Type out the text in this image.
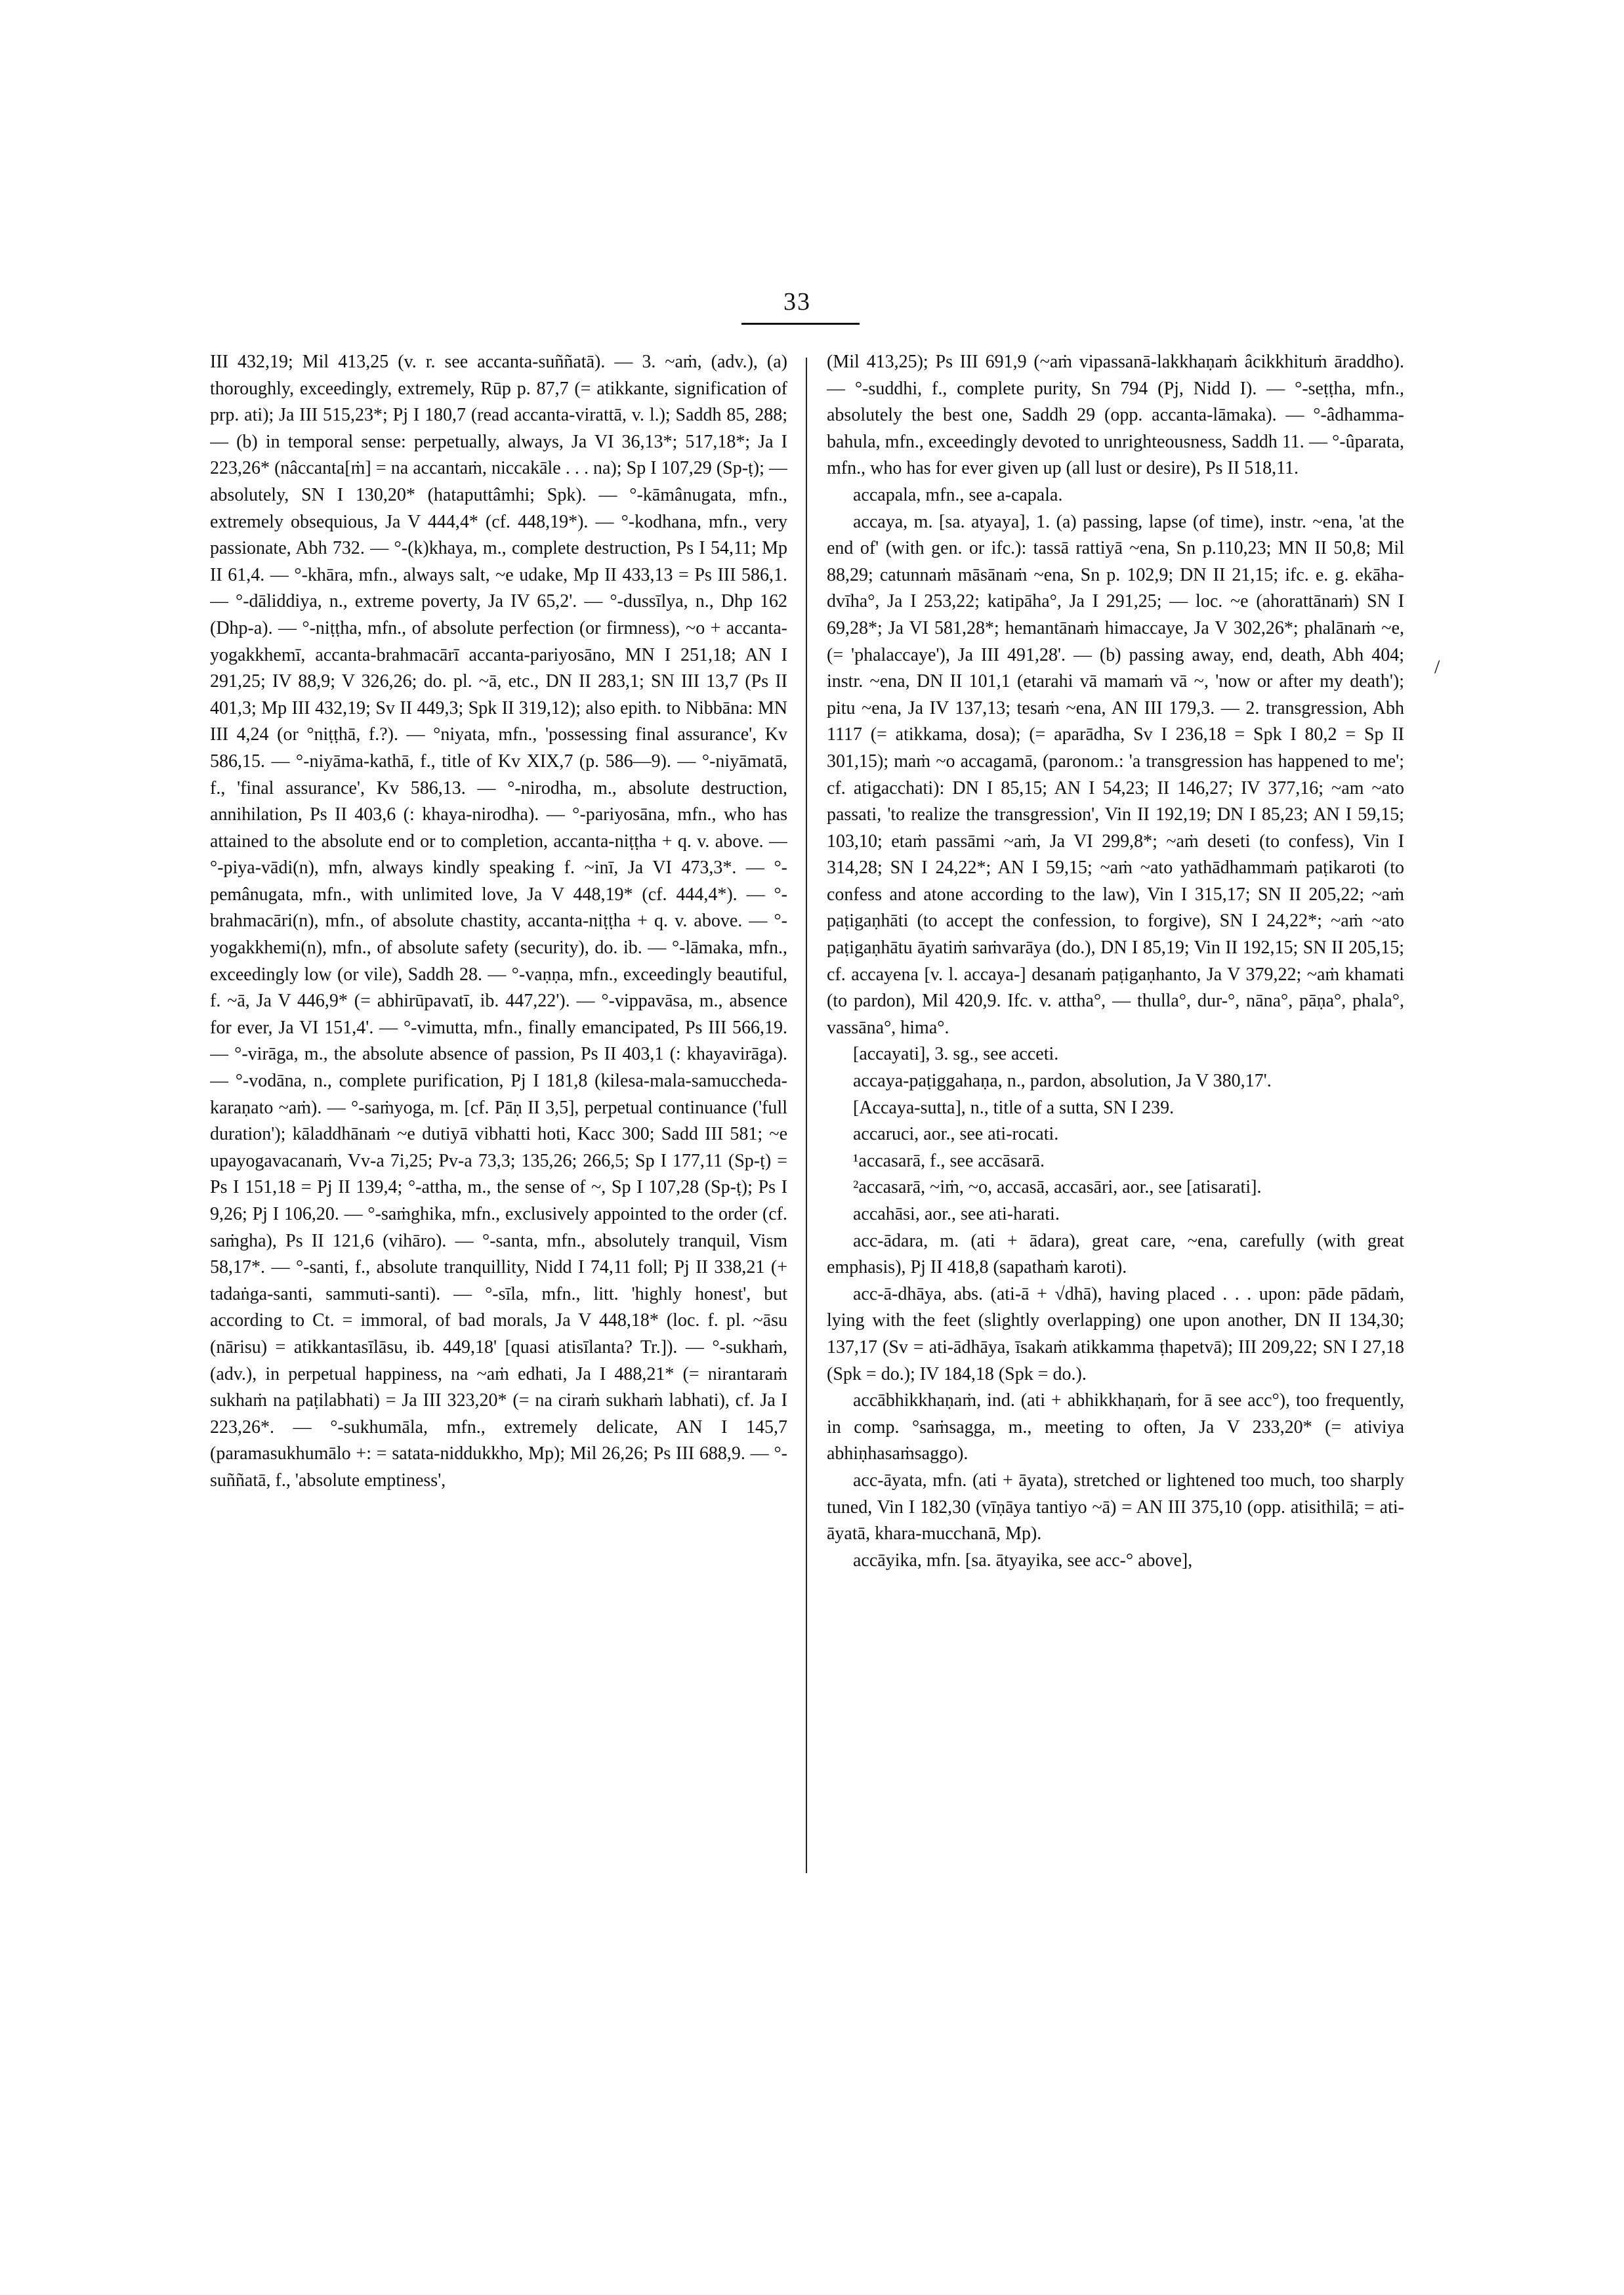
33

III 432,19; Mil 413,25 (v. r. see accanta-suññatā). — 3. ~aṁ, (adv.), (a) thoroughly, exceedingly, extremely, Rūp p. 87,7 (= atikkante, signification of prp. ati); Ja III 515,23*; Pj I 180,7 (read accanta-virattā, v. l.); Saddh 85, 288; — (b) in temporal sense: perpetually, always, Ja VI 36,13*; 517,18*; Ja I 223,26* (nâccanta[ṁ] = na accantaṁ, niccakāle . . . na); Sp I 107,29 (Sp-ṭ); — absolutely, SN I 130,20* (hataputtâmhi; Spk). — °-kāmânugata, mfn., extremely obsequious, Ja V 444,4* (cf. 448,19*). — °-kodhana, mfn., very passionate, Abh 732. — °-(k)khaya, m., complete destruction, Ps I 54,11; Mp II 61,4. — °-khāra, mfn., always salt, ~e udake, Mp II 433,13 = Ps III 586,1. — °-dāliddiya, n., extreme poverty, Ja IV 65,2'. — °-dussīlya, n., Dhp 162 (Dhp-a). — °-niṭṭha, mfn., of absolute perfection (or firmness), ~o + accanta-yogakkhemī, accanta-brahmacārī accanta-pariyosāno, MN I 251,18; AN I 291,25; IV 88,9; V 326,26; do. pl. ~ā, etc., DN II 283,1; SN III 13,7 (Ps II 401,3; Mp III 432,19; Sv II 449,3; Spk II 319,12); also epith. to Nibbāna: MN III 4,24 (or °niṭṭhā, f.?). — °niyata, mfn., 'possessing final assurance', Kv 586,15. — °-niyāma-kathā, f., title of Kv XIX,7 (p. 586—9). — °-niyāmatā, f., 'final assurance', Kv 586,13. — °-nirodha, m., absolute destruction, annihilation, Ps II 403,6 (: khaya-nirodha). — °-pariyosāna, mfn., who has attained to the absolute end or to completion, accanta-niṭṭha + q. v. above. — °-piya-vādi(n), mfn, always kindly speaking f. ~inī, Ja VI 473,3*. — °-pemânugata, mfn., with unlimited love, Ja V 448,19* (cf. 444,4*). — °-brahmacāri(n), mfn., of absolute chastity, accanta-niṭṭha + q. v. above. — °-yogakkhemi(n), mfn., of absolute safety (security), do. ib. — °-lāmaka, mfn., exceedingly low (or vile), Saddh 28. — °-vaṇṇa, mfn., exceedingly beautiful, f. ~ā, Ja V 446,9* (= abhirūpavatī, ib. 447,22'). — °-vippavāsa, m., absence for ever, Ja VI 151,4'. — °-vimutta, mfn., finally emancipated, Ps III 566,19. — °-virāga, m., the absolute absence of passion, Ps II 403,1 (: khayavirāga). — °-vodāna, n., complete purification, Pj I 181,8 (kilesa-mala-samuccheda-karaṇato ~aṁ). — °-saṁyoga, m. [cf. Pāṇ II 3,5], perpetual continuance ('full duration'); kāladdhānaṁ ~e dutiyā vibhatti hoti, Kacc 300; Sadd III 581; ~e upayogavacanaṁ, Vv-a 7i,25; Pv-a 73,3; 135,26; 266,5; Sp I 177,11 (Sp-ṭ) = Ps I 151,18 = Pj II 139,4; °-attha, m., the sense of ~, Sp I 107,28 (Sp-ṭ); Ps I 9,26; Pj I 106,20. — °-saṁghika, mfn., exclusively appointed to the order (cf. saṁgha), Ps II 121,6 (vihāro). — °-santa, mfn., absolutely tranquil, Vism 58,17*. — °-santi, f., absolute tranquillity, Nidd I 74,11 foll; Pj II 338,21 (+ tadaṅga-santi, sammuti-santi). — °-sīla, mfn., litt. 'highly honest', but according to Ct. = immoral, of bad morals, Ja V 448,18* (loc. f. pl. ~āsu (nārisu) = atikkantasīlāsu, ib. 449,18' [quasi atisīlanta? Tr.]). — °-sukhaṁ, (adv.), in perpetual happiness, na ~aṁ edhati, Ja I 488,21* (= nirantaraṁ sukhaṁ na paṭilabhati) = Ja III 323,20* (= na ciraṁ sukhaṁ labhati), cf. Ja I 223,26*. — °-sukhumāla, mfn., extremely delicate, AN I 145,7 (paramasukhumālo +: = satata-niddukkho, Mp); Mil 26,26; Ps III 688,9. — °-suññatā, f., 'absolute emptiness',

(Mil 413,25); Ps III 691,9 (~aṁ vipassanā-lakkhaṇaṁ âcikkhituṁ āraddho). — °-suddhi, f., complete purity, Sn 794 (Pj, Nidd I). — °-seṭṭha, mfn., absolutely the best one, Saddh 29 (opp. accanta-lāmaka). — °-âdhamma-bahula, mfn., exceedingly devoted to unrighteousness, Saddh 11. — °-ûparata, mfn., who has for ever given up (all lust or desire), Ps II 518,11.

accapala, mfn., see a-capala.

accaya, m. [sa. atyaya], 1. (a) passing, lapse (of time), instr. ~ena, 'at the end of' (with gen. or ifc.): tassā rattiyā ~ena, Sn p.110,23; MN II 50,8; Mil 88,29; catunnaṁ māsānaṁ ~ena, Sn p. 102,9; DN II 21,15; ifc. e. g. ekāha-dvīha°, Ja I 253,22; katipāha°, Ja I 291,25; — loc. ~e (ahorattānaṁ) SN I 69,28*; Ja VI 581,28*; hemantānaṁ himaccaye, Ja V 302,26*; phalānaṁ ~e, (= 'phalaccaye'), Ja III 491,28'. — (b) passing away, end, death, Abh 404; instr. ~ena, DN II 101,1 (etarahi vā mamaṁ vā ~, 'now or after my death'); pitu ~ena, Ja IV 137,13; tesaṁ ~ena, AN III 179,3. — 2. transgression, Abh 1117 (= atikkama, dosa); (= aparādha, Sv I 236,18 = Spk I 80,2 = Sp II 301,15); maṁ ~o accagamā, (paronom.: 'a transgression has happened to me'; cf. atigacchati): DN I 85,15; AN I 54,23; II 146,27; IV 377,16; ~am ~ato passati, 'to realize the transgression', Vin II 192,19; DN I 85,23; AN I 59,15; 103,10; etaṁ passāmi ~aṁ, Ja VI 299,8*; ~aṁ deseti (to confess), Vin I 314,28; SN I 24,22*; AN I 59,15; ~aṁ ~ato yathādhammaṁ paṭikaroti (to confess and atone according to the law), Vin I 315,17; SN II 205,22; ~aṁ paṭigaṇhāti (to accept the confession, to forgive), SN I 24,22*; ~aṁ ~ato paṭigaṇhātu āyatiṁ saṁvarāya (do.), DN I 85,19; Vin II 192,15; SN II 205,15; cf. accayena [v. l. accaya-] desanaṁ paṭigaṇhanto, Ja V 379,22; ~aṁ khamati (to pardon), Mil 420,9. Ifc. v. attha°, — thulla°, dur-°, nāna°, pāṇa°, phala°, vassāna°, hima°.

[accayati], 3. sg., see acceti.

accaya-paṭiggahaṇa, n., pardon, absolution, Ja V 380,17'.

[Accaya-sutta], n., title of a sutta, SN I 239.

accaruci, aor., see ati-rocati.

¹accasarā, f., see accāsarā.

²accasarā, ~iṁ, ~o, accasā, accasāri, aor., see [atisarati].

accahāsi, aor., see ati-harati.

acc-ādara, m. (ati + ādara), great care, ~ena, carefully (with great emphasis), Pj II 418,8 (sapathaṁ karoti).

acc-ā-dhāya, abs. (ati-ā + √dhā), having placed . . . upon: pāde pādaṁ, lying with the feet (slightly overlapping) one upon another, DN II 134,30; 137,17 (Sv = ati-ādhāya, īsakaṁ atikkamma ṭhapetvā); III 209,22; SN I 27,18 (Spk = do.); IV 184,18 (Spk = do.).

accābhikkhaṇaṁ, ind. (ati + abhikkhaṇaṁ, for ā see acc°), too frequently, in comp. °saṁsagga, m., meeting to often, Ja V 233,20* (= ativiya abhiṇhasaṁsaggo).

acc-āyata, mfn. (ati + āyata), stretched or lightened too much, too sharply tuned, Vin I 182,30 (vīṇāya tantiyo ~ā) = AN III 375,10 (opp. atisithilā; = ati-āyatā, khara-mucchanā, Mp).

accāyika, mfn. [sa. ātyayika, see acc-° above],

/
